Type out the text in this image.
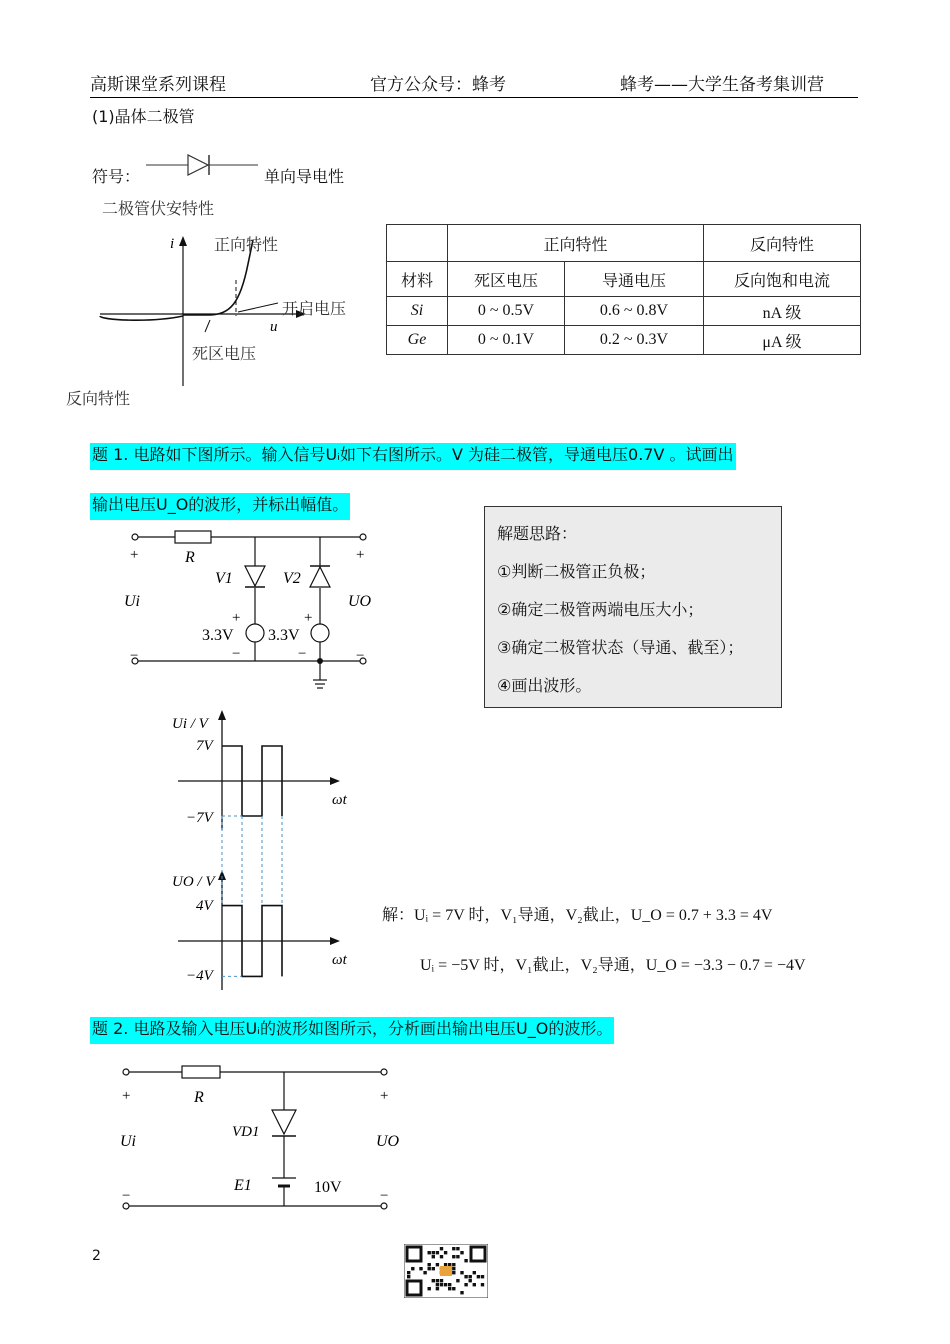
高斯课堂系列课程	官方公众号：蜂考	蜂考——大学生备考集训营
(1)晶体二极管
符号：	单向导电性
二极管伏安特性
i
u
正向特性
开启电压
死区电压
反向特性
	正向特性		反向特性
材料	死区电压	导通电压	反向饱和电流
Si	0 ~ 0.5V	0.6 ~ 0.8V	nA 级
Ge	0 ~ 0.1V	0.2 ~ 0.3V	μA 级
题 1. 电路如下图所示。输入信号Uᵢ如下右图所示。V 为硅二极管，导通电压0.7V 。试画出
输出电压U_O的波形，并标出幅值。
+	+
−	−
R
Ui	UO
V1	V2
+	+
3.3V 3.3V
−	−
解题思路：
①判断二极管正负极；
②确定二极管两端电压大小；
③确定二极管状态（导通、截至）；
④画出波形。
Ui / V
7V
−7V
ωt
UO / V
4V
−4V
ωt
解：Uᵢ = 7V 时，V₁导通，V₂截止，U_O = 0.7 + 3.3 = 4V
Uᵢ = −5V 时，V₁截止，V₂导通，U_O = −3.3 − 0.7 = −4V
题 2. 电路及输入电压Uᵢ的波形如图所示，分析画出输出电压U_O的波形。
+	+
−	−
R
Ui	UO
VD1
E1	10V
2
